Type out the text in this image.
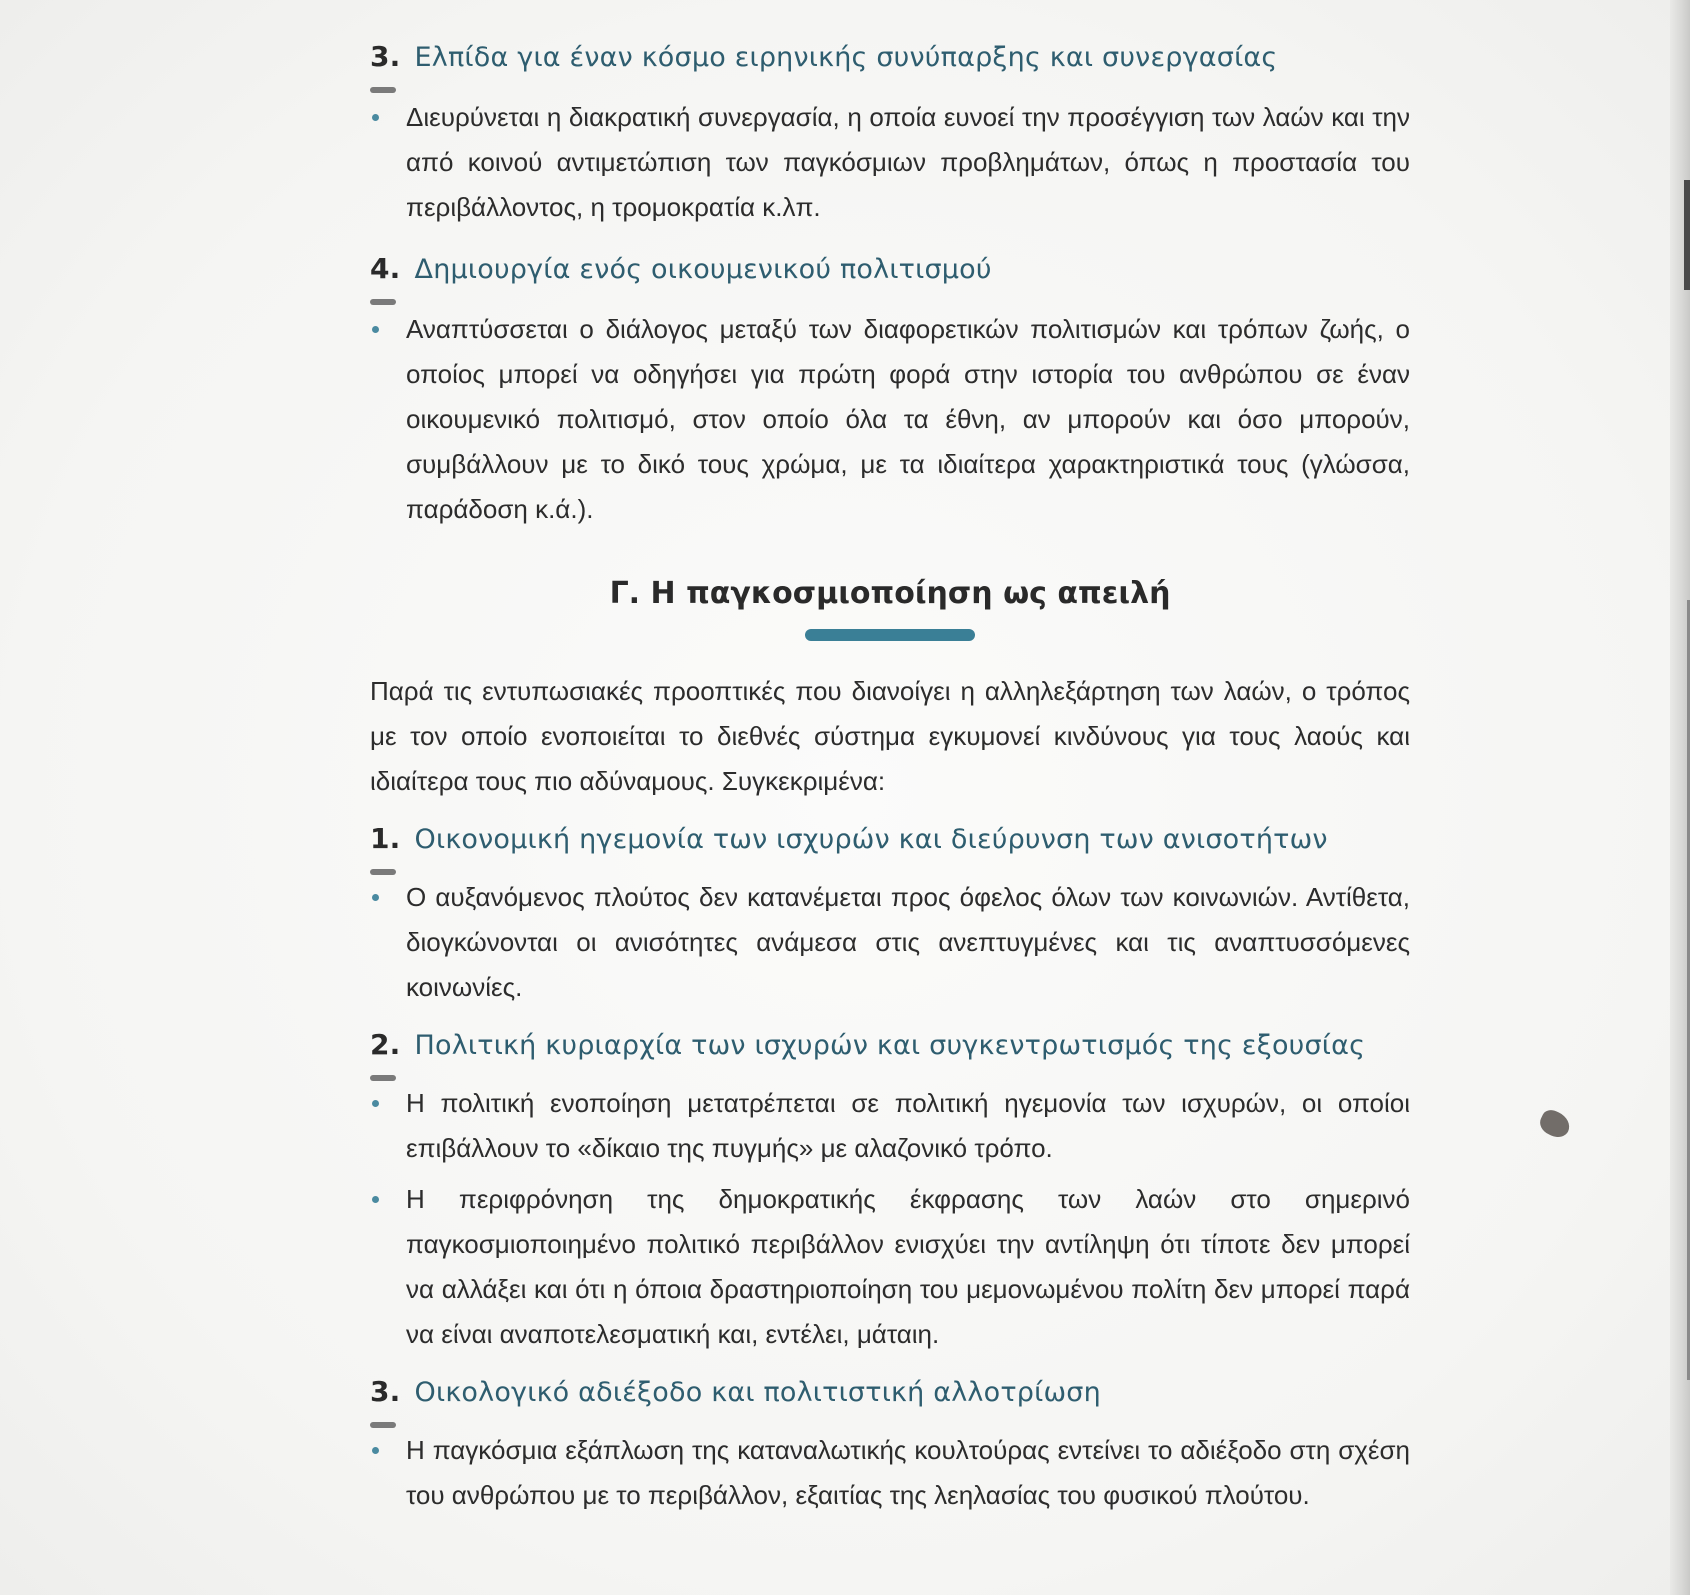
3. Ελπίδα για έναν κόσμο ειρηνικής συνύπαρξης και συνεργασίας
Διευρύνεται η διακρατική συνεργασία, η οποία ευνοεί την προσέγγιση των λαών και την από κοινού αντιμετώπιση των παγκόσμιων προβλημάτων, όπως η προστασία του περιβάλλοντος, η τρομοκρατία κ.λπ.
4. Δημιουργία ενός οικουμενικού πολιτισμού
Αναπτύσσεται ο διάλογος μεταξύ των διαφορετικών πολιτισμών και τρόπων ζωής, ο οποίος μπορεί να οδηγήσει για πρώτη φορά στην ιστορία του ανθρώπου σε έναν οικουμενικό πολιτισμό, στον οποίο όλα τα έθνη, αν μπορούν και όσο μπορούν, συμβάλλουν με το δικό τους χρώμα, με τα ιδιαίτερα χαρακτηριστικά τους (γλώσσα, παράδοση κ.ά.).
Γ. Η παγκοσμιοποίηση ως απειλή

Παρά τις εντυπωσιακές προοπτικές που διανοίγει η αλληλεξάρτηση των λαών, ο τρόπος με τον οποίο ενοποιείται το διεθνές σύστημα εγκυμονεί κινδύνους για τους λαούς και ιδιαίτερα τους πιο αδύναμους. Συγκεκριμένα:

1. Οικονομική ηγεμονία των ισχυρών και διεύρυνση των ανισοτήτων
Ο αυξανόμενος πλούτος δεν κατανέμεται προς όφελος όλων των κοινωνιών. Αντίθετα, διογκώνονται οι ανισότητες ανάμεσα στις ανεπτυγμένες και τις αναπτυσσόμενες κοινωνίες.
2. Πολιτική κυριαρχία των ισχυρών και συγκεντρωτισμός της εξουσίας
Η πολιτική ενοποίηση μετατρέπεται σε πολιτική ηγεμονία των ισχυρών, οι οποίοι επιβάλλουν το «δίκαιο της πυγμής» με αλαζονικό τρόπο.
Η περιφρόνηση της δημοκρατικής έκφρασης των λαών στο σημερινό παγκοσμιοποιημένο πολιτικό περιβάλλον ενισχύει την αντίληψη ότι τίποτε δεν μπορεί να αλλάξει και ότι η όποια δραστηριοποίηση του μεμονωμένου πολίτη δεν μπορεί παρά να είναι αναποτελεσματική και, εντέλει, μάταιη.
3. Οικολογικό αδιέξοδο και πολιτιστική αλλοτρίωση
Η παγκόσμια εξάπλωση της καταναλωτικής κουλτούρας εντείνει το αδιέξοδο στη σχέση του ανθρώπου με το περιβάλλον, εξαιτίας της λεηλασίας του φυσικού πλούτου.
